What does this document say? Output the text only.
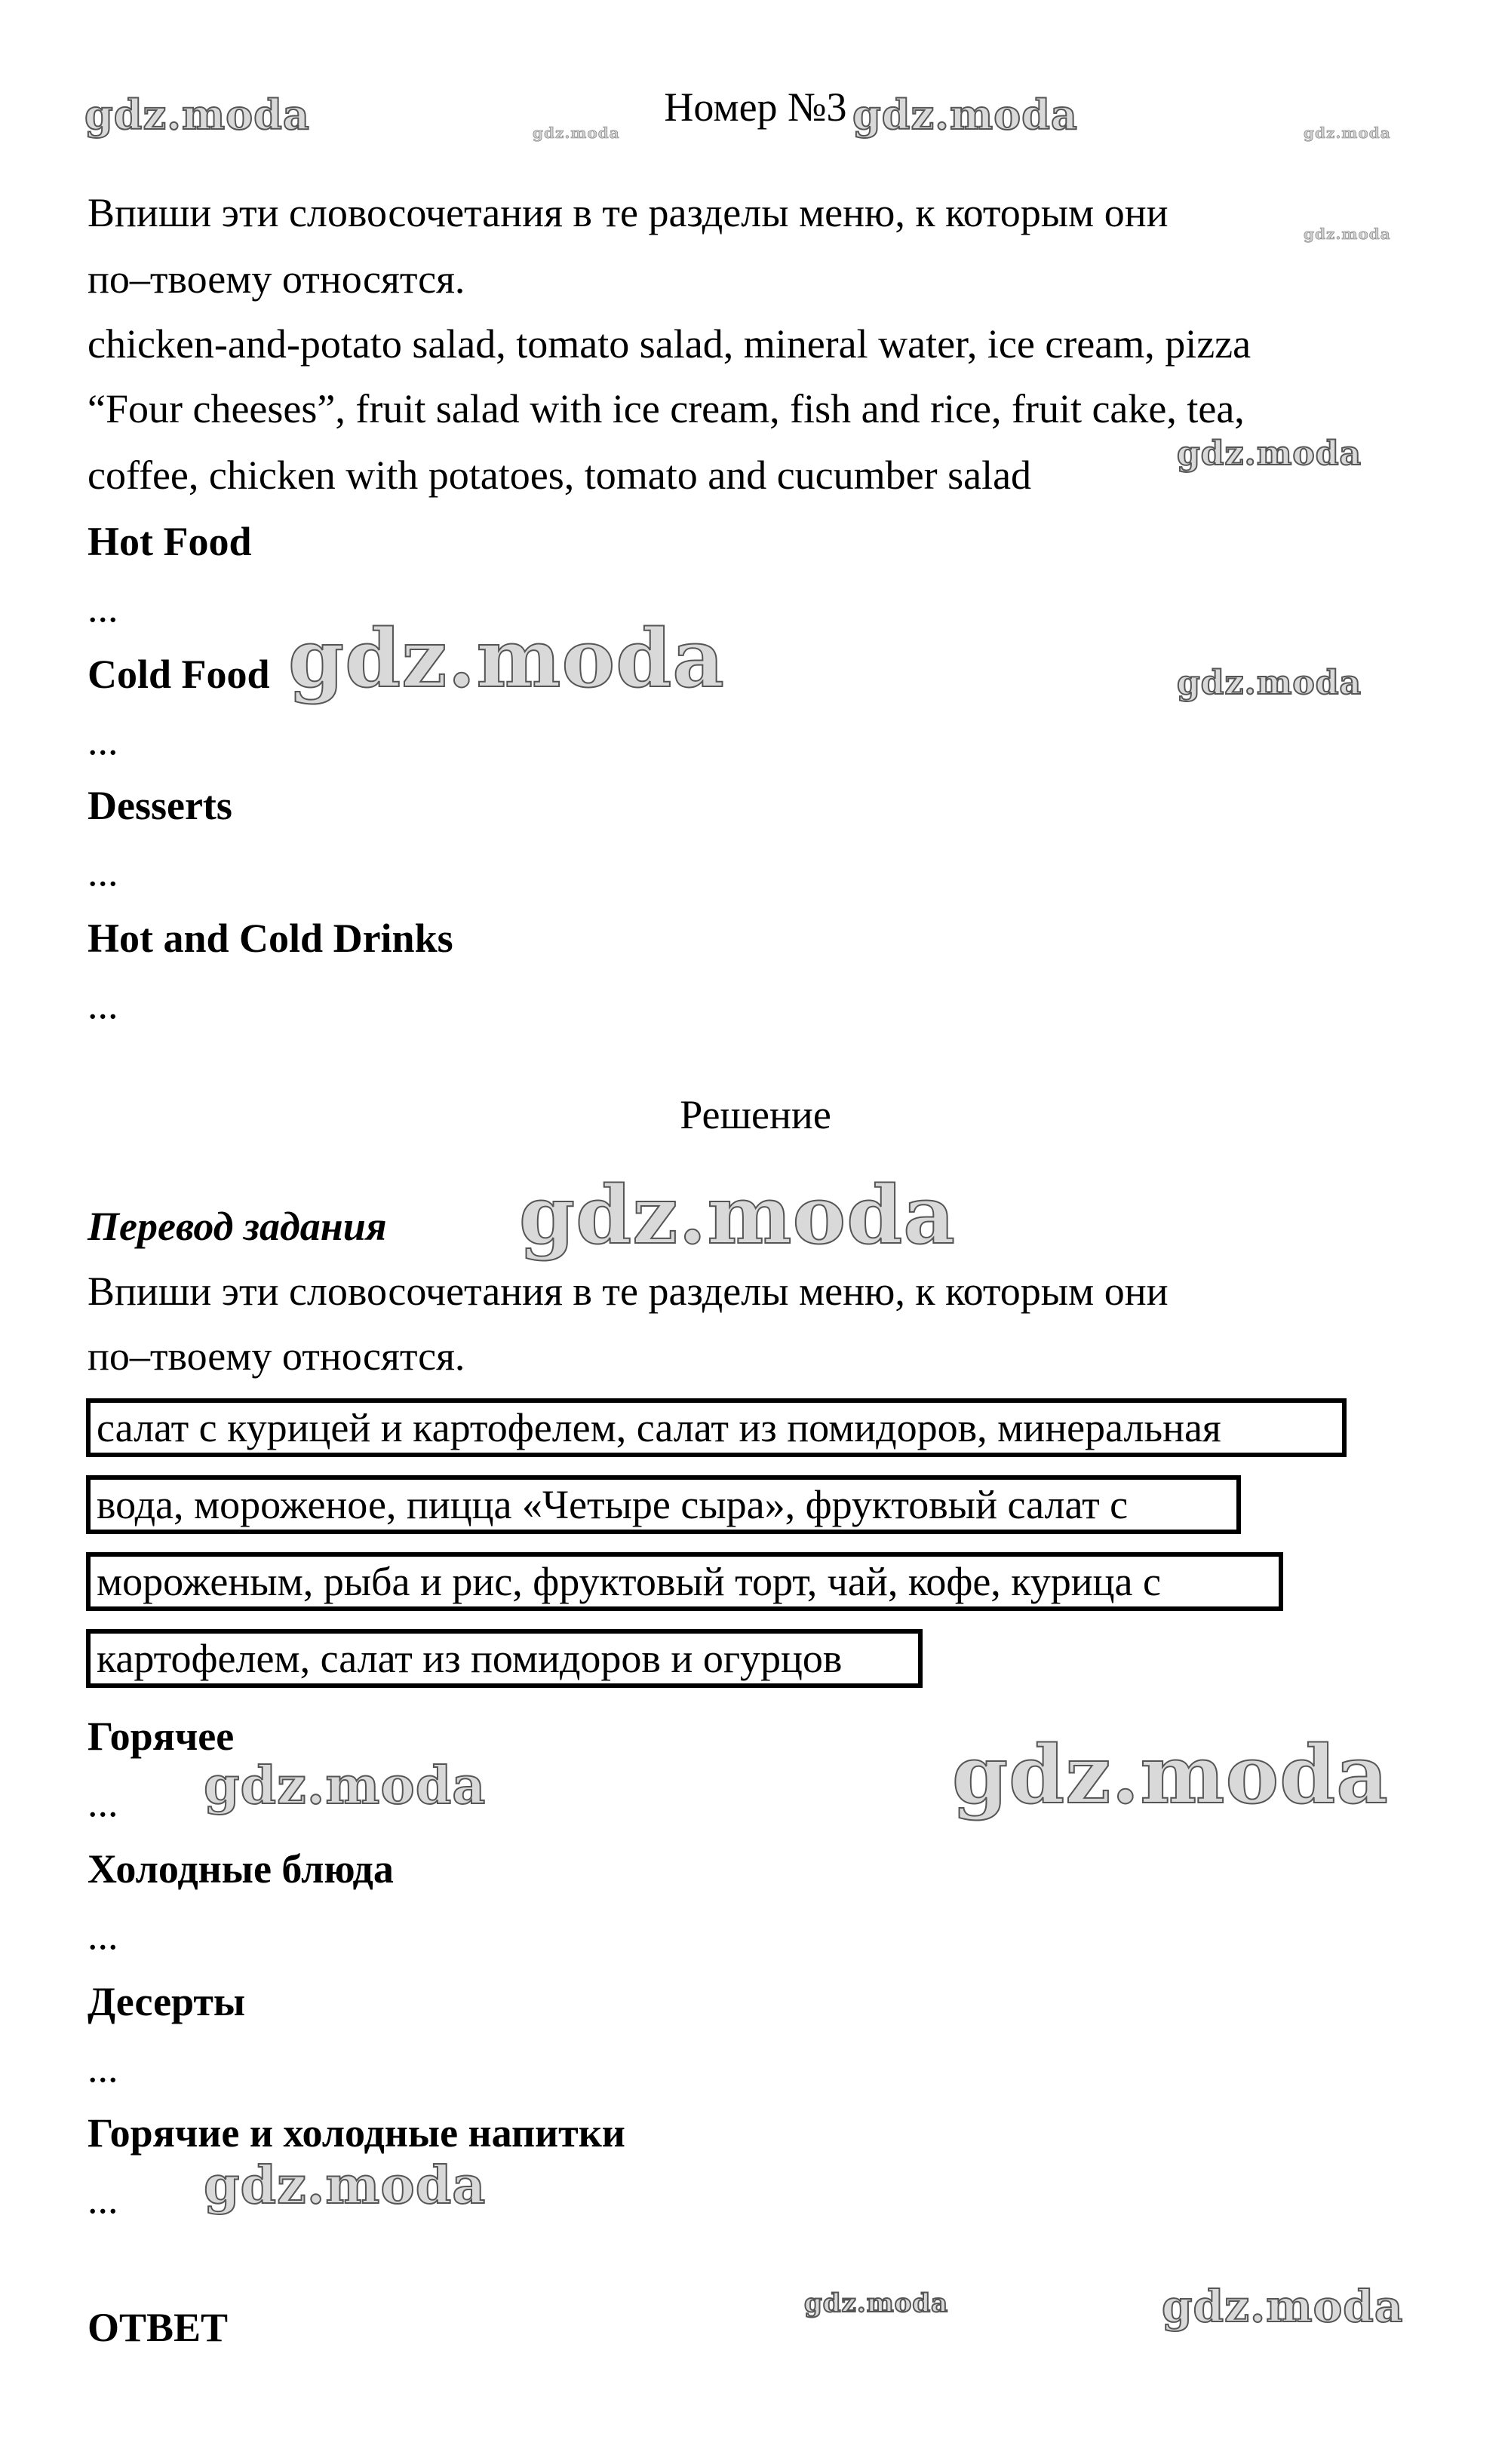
Номер №3
Впиши эти словосочетания в те разделы меню, к которым они
по–твоему относятся.
chicken-and-potato salad, tomato salad, mineral water, ice cream, pizza
“Four cheeses”, fruit salad with ice cream, fish and rice, fruit cake, tea,
coffee, chicken with potatoes, tomato and cucumber salad
Hot Food
...
Cold Food
...
Desserts
...
Hot and Cold Drinks
...
Решение
Перевод задания
Впиши эти словосочетания в те разделы меню, к которым они
по–твоему относятся.
салат с курицей и картофелем, салат из помидоров, минеральная
вода, мороженое, пицца «Четыре сыра», фруктовый салат с
мороженым, рыба и рис, фруктовый торт, чай, кофе, курица с
картофелем, салат из помидоров и огурцов
Горячее
...
Холодные блюда
...
Десерты
...
Горячие и холодные напитки
...
ОТВЕТ
gdz.moda	gdz.moda	gdz.moda	gdz.moda
gdz.moda
gdz.moda
gdz.moda	gdz.moda
gdz.moda
gdz.moda	gdz.moda
gdz.moda
gdz.moda	gdz.moda
